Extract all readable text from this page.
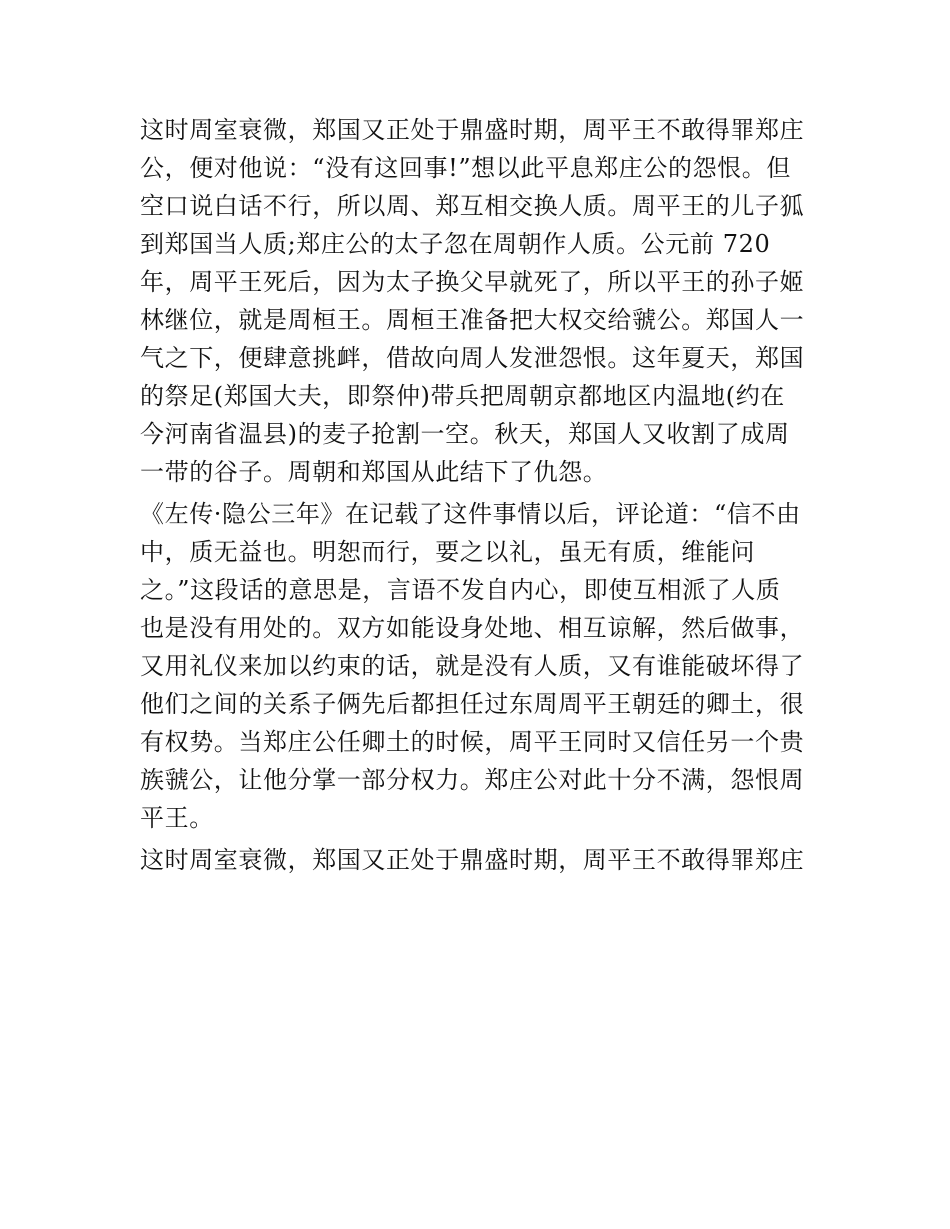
这时周室衰微，郑国又正处于鼎盛时期，周平王不敢得罪郑庄
公，便对他说：“没有这回事!”想以此平息郑庄公的怨恨。但
空口说白话不行，所以周、郑互相交换人质。周平王的儿子狐
到郑国当人质;郑庄公的太子忽在周朝作人质。公元前 720
年，周平王死后，因为太子换父早就死了，所以平王的孙子姬
林继位，就是周桓王。周桓王准备把大权交给虢公。郑国人一
气之下，便肆意挑衅，借故向周人发泄怨恨。这年夏天，郑国
的祭足(郑国大夫，即祭仲)带兵把周朝京都地区内温地(约在
今河南省温县)的麦子抢割一空。秋天，郑国人又收割了成周
一带的谷子。周朝和郑国从此结下了仇怨。
《左传·隐公三年》在记载了这件事情以后，评论道：“信不由
中，质无益也。明恕而行，要之以礼，虽无有质，维能问
之。”这段话的意思是，言语不发自内心，即使互相派了人质
也是没有用处的。双方如能设身处地、相互谅解，然后做事，
又用礼仪来加以约束的话，就是没有人质，又有谁能破坏得了
他们之间的关系子俩先后都担任过东周周平王朝廷的卿土，很
有权势。当郑庄公任卿土的时候，周平王同时又信任另一个贵
族虢公，让他分掌一部分权力。郑庄公对此十分不满，怨恨周
平王。
这时周室衰微，郑国又正处于鼎盛时期，周平王不敢得罪郑庄
